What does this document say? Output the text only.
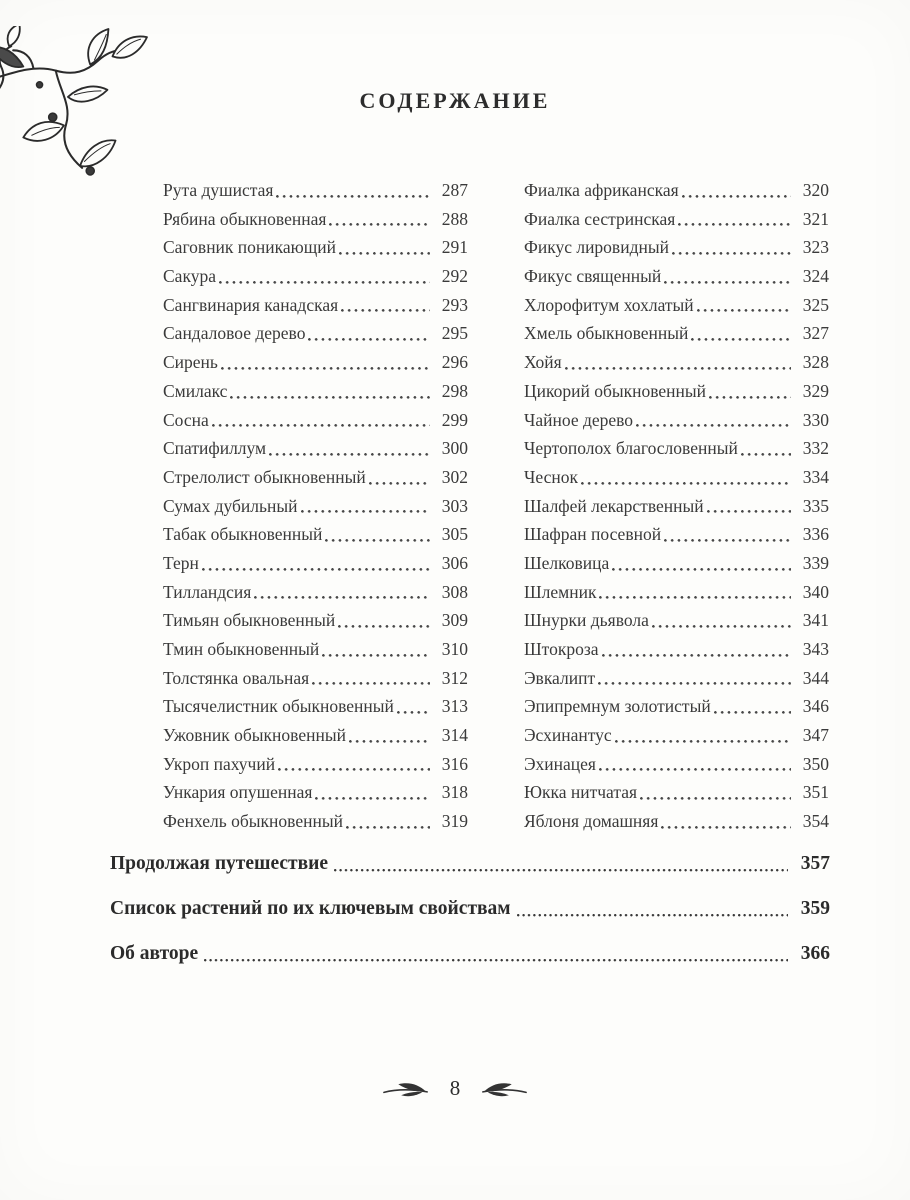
СОДЕРЖАНИЕ
Рута душистая	287
Рябина обыкновенная	288
Саговник поникающий	291
Сакура	292
Сангвинария канадская	293
Сандаловое дерево	295
Сирень	296
Смилакс	298
Сосна	299
Спатифиллум	300
Стрелолист обыкновенный	302
Сумах дубильный	303
Табак обыкновенный	305
Терн	306
Тилландсия	308
Тимьян обыкновенный	309
Тмин обыкновенный	310
Толстянка овальная	312
Тысячелистник обыкновенный	313
Ужовник обыкновенный	314
Укроп пахучий	316
Ункария опушенная	318
Фенхель обыкновенный	319
Фиалка африканская	320
Фиалка сестринская	321
Фикус лировидный	323
Фикус священный	324
Хлорофитум хохлатый	325
Хмель обыкновенный	327
Хойя	328
Цикорий обыкновенный	329
Чайное дерево	330
Чертополох благословенный	332
Чеснок	334
Шалфей лекарственный	335
Шафран посевной	336
Шелковица	339
Шлемник	340
Шнурки дьявола	341
Штокроза	343
Эвкалипт	344
Эпипремнум золотистый	346
Эсхинантус	347
Эхинацея	350
Юкка нитчатая	351
Яблоня домашняя	354
Продолжая путешествие	357
Список растений по их ключевым свойствам	359
Об авторе	366
8
